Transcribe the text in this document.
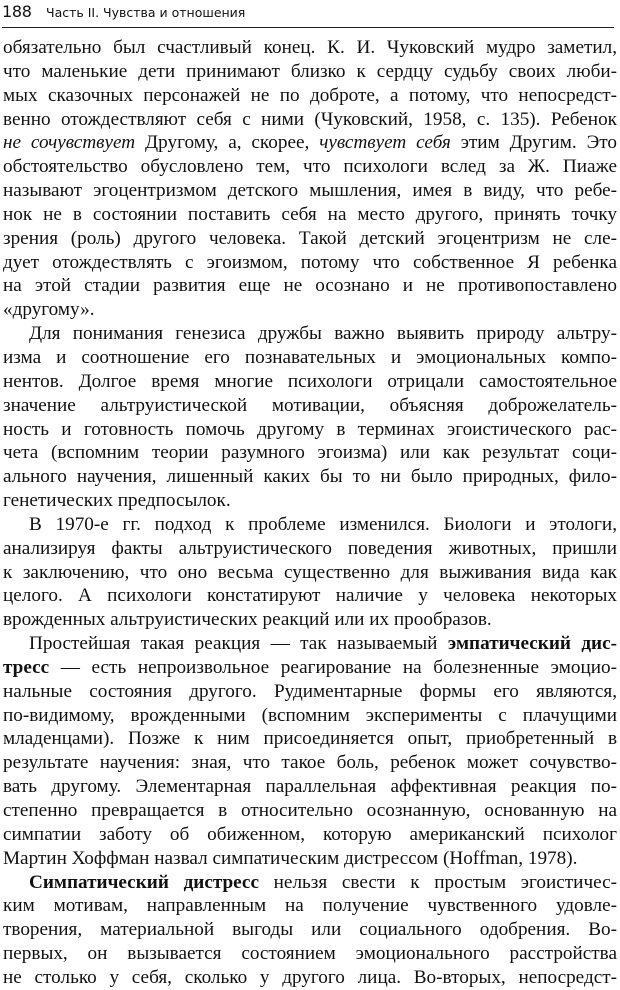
188 Часть II. Чувства и отношения
обязательно был счастливый конец. К. И. Чуковский мудро заметил,
что маленькие дети принимают близко к сердцу судьбу своих люби-
мых сказочных персонажей не по доброте, а потому, что непосредст-
венно отождествляют себя с ними (Чуковский, 1958, с. 135). Ребенок
не сочувствует Другому, а, скорее, чувствует себя этим Другим. Это
обстоятельство обусловлено тем, что психологи вслед за Ж. Пиаже
называют эгоцентризмом детского мышления, имея в виду, что ребе-
нок не в состоянии поставить себя на место другого, принять точку
зрения (роль) другого человека. Такой детский эгоцентризм не сле-
дует отождествлять с эгоизмом, потому что собственное Я ребенка
на этой стадии развития еще не осознано и не противопоставлено
«другому».
Для понимания генезиса дружбы важно выявить природу альтру-
изма и соотношение его познавательных и эмоциональных компо-
нентов. Долгое время многие психологи отрицали самостоятельное
значение альтруистической мотивации, объясняя доброжелатель-
ность и готовность помочь другому в терминах эгоистического рас-
чета (вспомним теории разумного эгоизма) или как результат соци-
ального научения, лишенный каких бы то ни было природных, фило-
генетических предпосылок.
В 1970-е гг. подход к проблеме изменился. Биологи и этологи,
анализируя факты альтруистического поведения животных, пришли
к заключению, что оно весьма существенно для выживания вида как
целого. А психологи констатируют наличие у человека некоторых
врожденных альтруистических реакций или их прообразов.
Простейшая такая реакция — так называемый эмпатический дис-
тресс — есть непроизвольное реагирование на болезненные эмоцио-
нальные состояния другого. Рудиментарные формы его являются,
по-видимому, врожденными (вспомним эксперименты с плачущими
младенцами). Позже к ним присоединяется опыт, приобретенный в
результате научения: зная, что такое боль, ребенок может сочувство-
вать другому. Элементарная параллельная аффективная реакция по-
степенно превращается в относительно осознанную, основанную на
симпатии заботу об обиженном, которую американский психолог
Мартин Хоффман назвал симпатическим дистрессом (Hoffman, 1978).
Симпатический дистресс нельзя свести к простым эгоистичес-
ким мотивам, направленным на получение чувственного удовле-
творения, материальной выгоды или социального одобрения. Во-
первых, он вызывается состоянием эмоционального расстройства
не столько у себя, сколько у другого лица. Во-вторых, непосредст-
